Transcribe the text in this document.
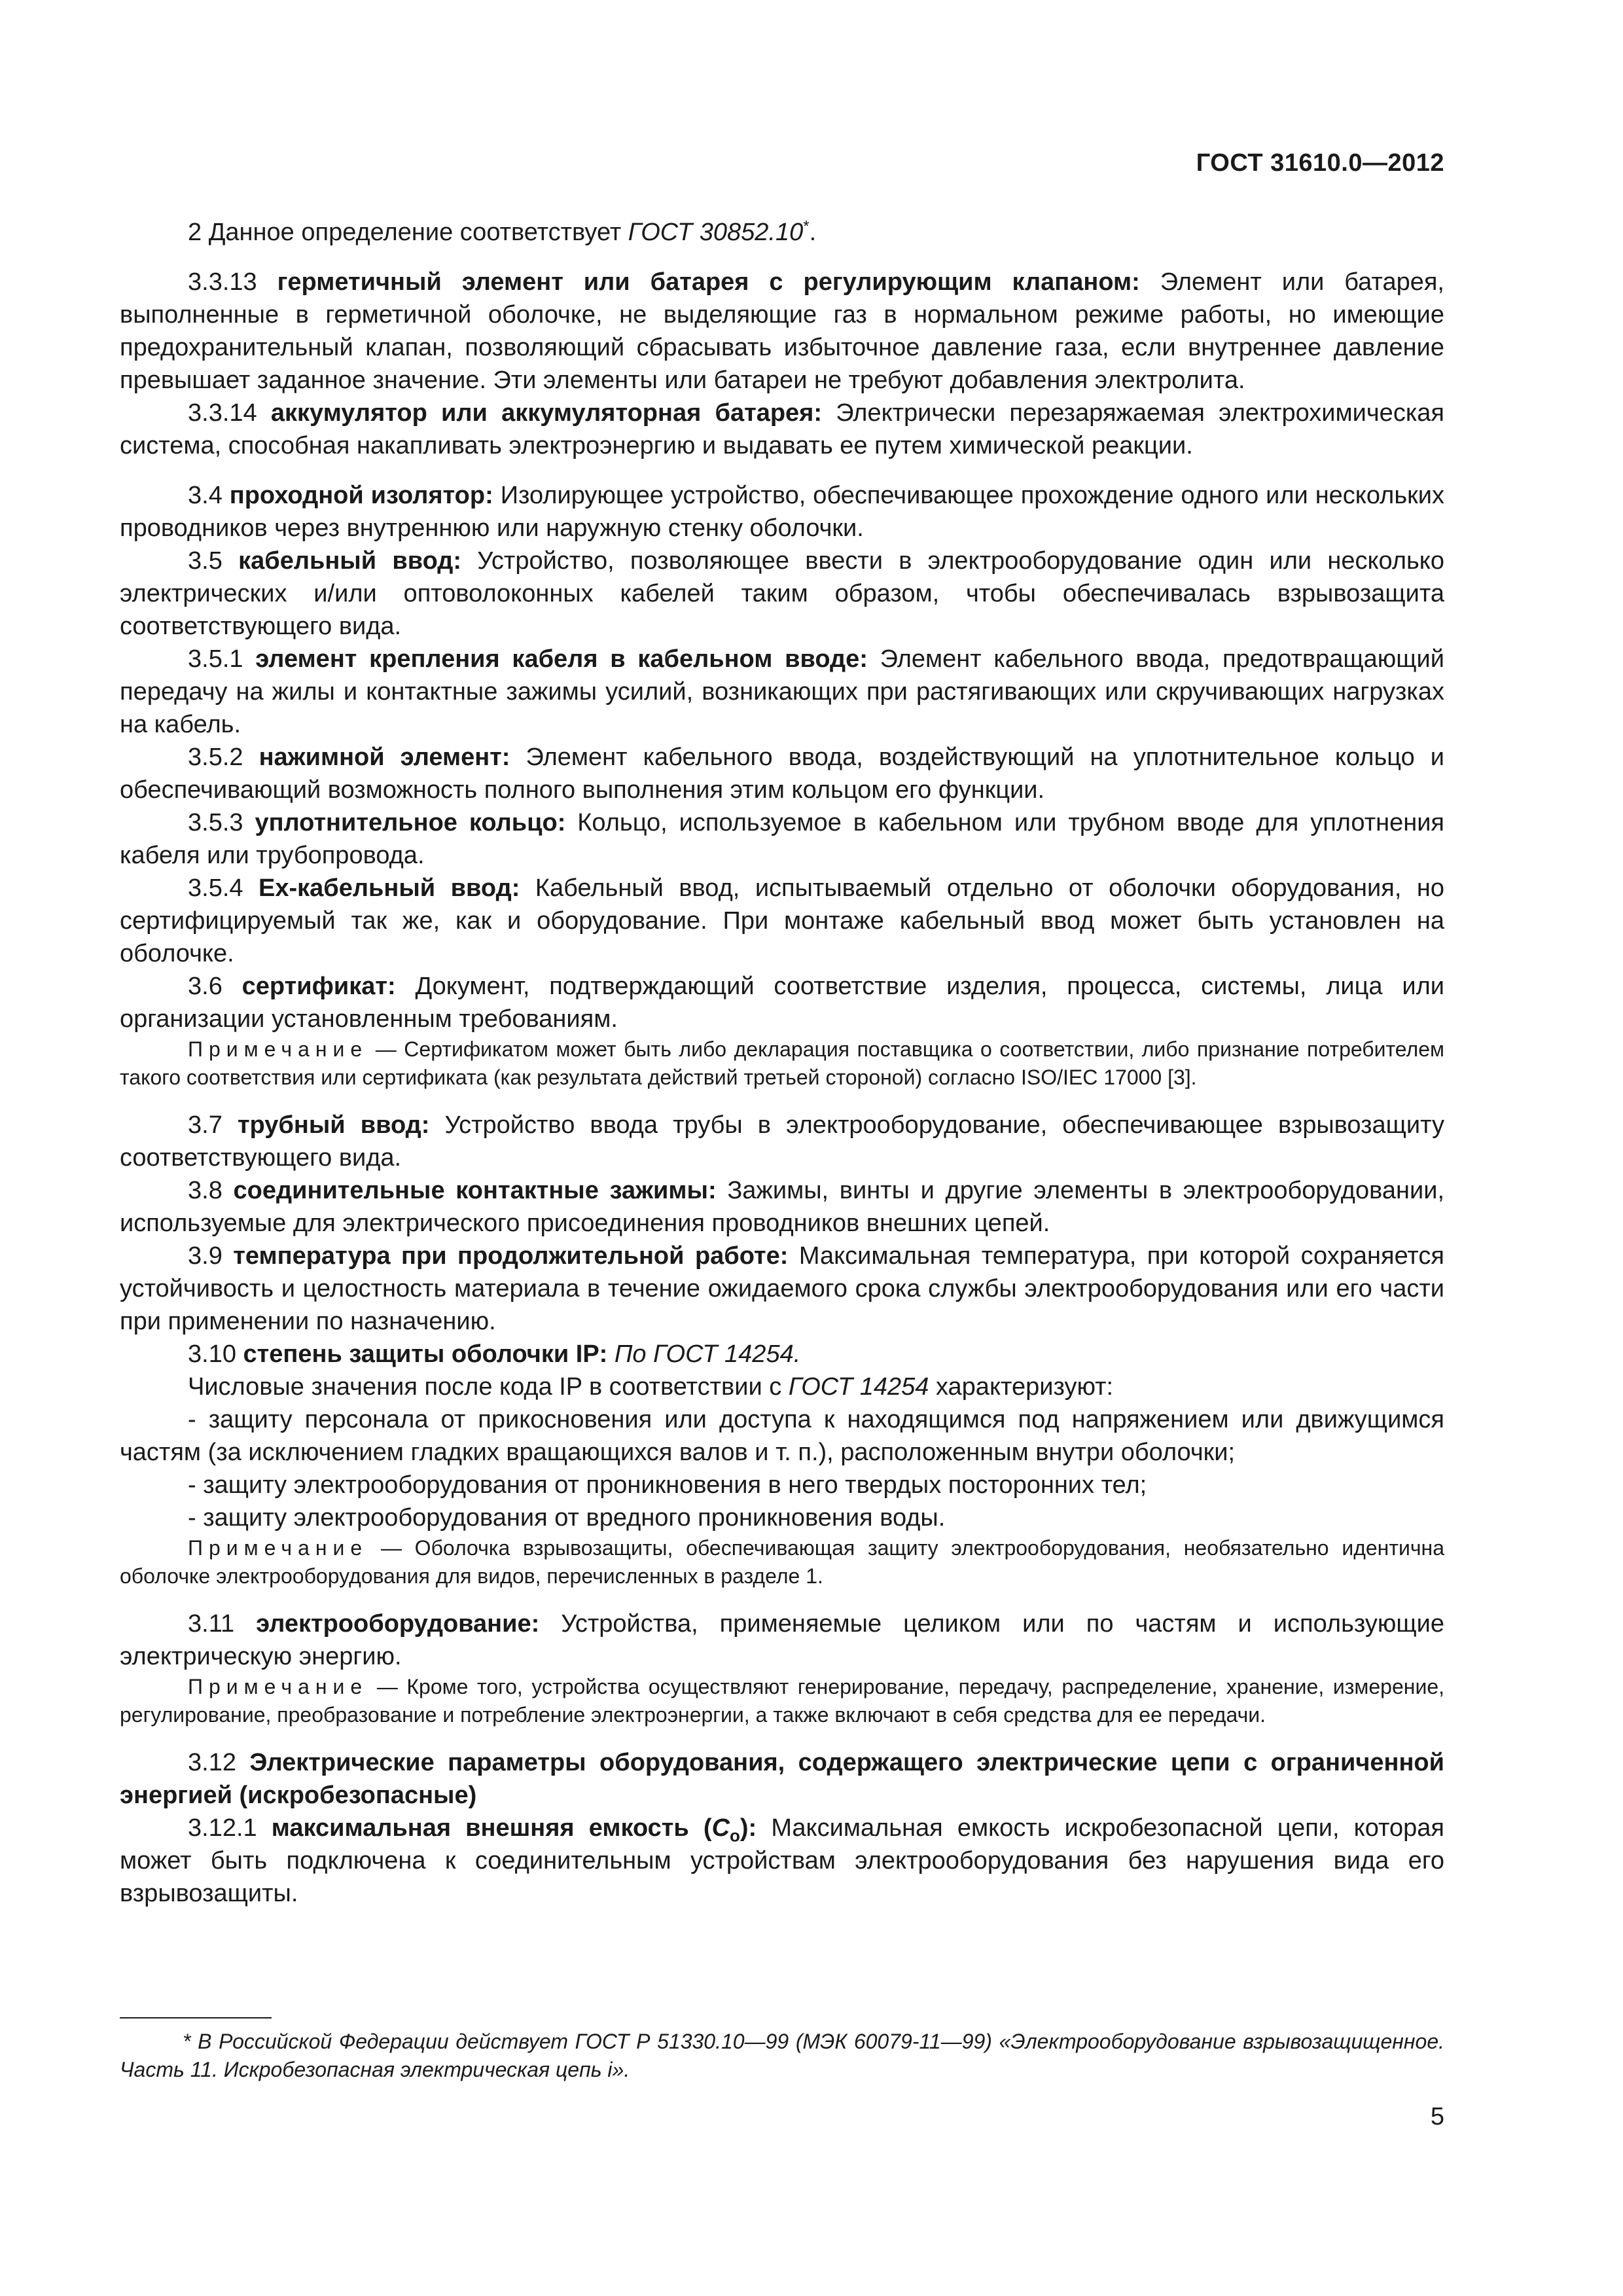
ГОСТ 31610.0—2012

2 Данное определение соответствует ГОСТ 30852.10*.

3.3.13 герметичный элемент или батарея с регулирующим клапаном: Элемент или батарея, выполненные в герметичной оболочке, не выделяющие газ в нормальном режиме работы, но имеющие предохранительный клапан, позволяющий сбрасывать избыточное давление газа, если внутреннее давление превышает заданное значение. Эти элементы или батареи не требуют добавления электролита.

3.3.14 аккумулятор или аккумуляторная батарея: Электрически перезаряжаемая электрохимическая система, способная накапливать электроэнергию и выдавать ее путем химической реакции.

3.4 проходной изолятор: Изолирующее устройство, обеспечивающее прохождение одного или нескольких проводников через внутреннюю или наружную стенку оболочки.

3.5 кабельный ввод: Устройство, позволяющее ввести в электрооборудование один или несколько электрических и/или оптоволоконных кабелей таким образом, чтобы обеспечивалась взрывозащита соответствующего вида.

3.5.1 элемент крепления кабеля в кабельном вводе: Элемент кабельного ввода, предотвращающий передачу на жилы и контактные зажимы усилий, возникающих при растягивающих или скручивающих нагрузках на кабель.

3.5.2 нажимной элемент: Элемент кабельного ввода, воздействующий на уплотнительное кольцо и обеспечивающий возможность полного выполнения этим кольцом его функции.

3.5.3 уплотнительное кольцо: Кольцо, используемое в кабельном или трубном вводе для уплотнения кабеля или трубопровода.

3.5.4 Ех-кабельный ввод: Кабельный ввод, испытываемый отдельно от оболочки оборудования, но сертифицируемый так же, как и оборудование. При монтаже кабельный ввод может быть установлен на оболочке.

3.6 сертификат: Документ, подтверждающий соответствие изделия, процесса, системы, лица или организации установленным требованиям.

Примечание — Сертификатом может быть либо декларация поставщика о соответствии, либо признание потребителем такого соответствия или сертификата (как результата действий третьей стороной) согласно ISO/IEC 17000 [3].

3.7 трубный ввод: Устройство ввода трубы в электрооборудование, обеспечивающее взрывозащиту соответствующего вида.

3.8 соединительные контактные зажимы: Зажимы, винты и другие элементы в электрооборудовании, используемые для электрического присоединения проводников внешних цепей.

3.9 температура при продолжительной работе: Максимальная температура, при которой сохраняется устойчивость и целостность материала в течение ожидаемого срока службы электрооборудования или его части при применении по назначению.

3.10 степень защиты оболочки IP: По ГОСТ 14254.

Числовые значения после кода IP в соответствии с ГОСТ 14254 характеризуют:

- защиту персонала от прикосновения или доступа к находящимся под напряжением или движущимся частям (за исключением гладких вращающихся валов и т. п.), расположенным внутри оболочки;

- защиту электрооборудования от проникновения в него твердых посторонних тел;

- защиту электрооборудования от вредного проникновения воды.

Примечание — Оболочка взрывозащиты, обеспечивающая защиту электрооборудования, необязательно идентична оболочке электрооборудования для видов, перечисленных в разделе 1.

3.11 электрооборудование: Устройства, применяемые целиком или по частям и использующие электрическую энергию.

Примечание — Кроме того, устройства осуществляют генерирование, передачу, распределение, хранение, измерение, регулирование, преобразование и потребление электроэнергии, а также включают в себя средства для ее передачи.

3.12 Электрические параметры оборудования, содержащего электрические цепи с ограниченной энергией (искробезопасные)

3.12.1 максимальная внешняя емкость $(C_o)$: Максимальная емкость искробезопасной цепи, которая может быть подключена к соединительным устройствам электрооборудования без нарушения вида его взрывозащиты.

* В Российской Федерации действует ГОСТ Р 51330.10—99 (МЭК 60079-11—99) «Электрооборудование взрывозащищенное. Часть 11. Искробезопасная электрическая цепь i».
5
